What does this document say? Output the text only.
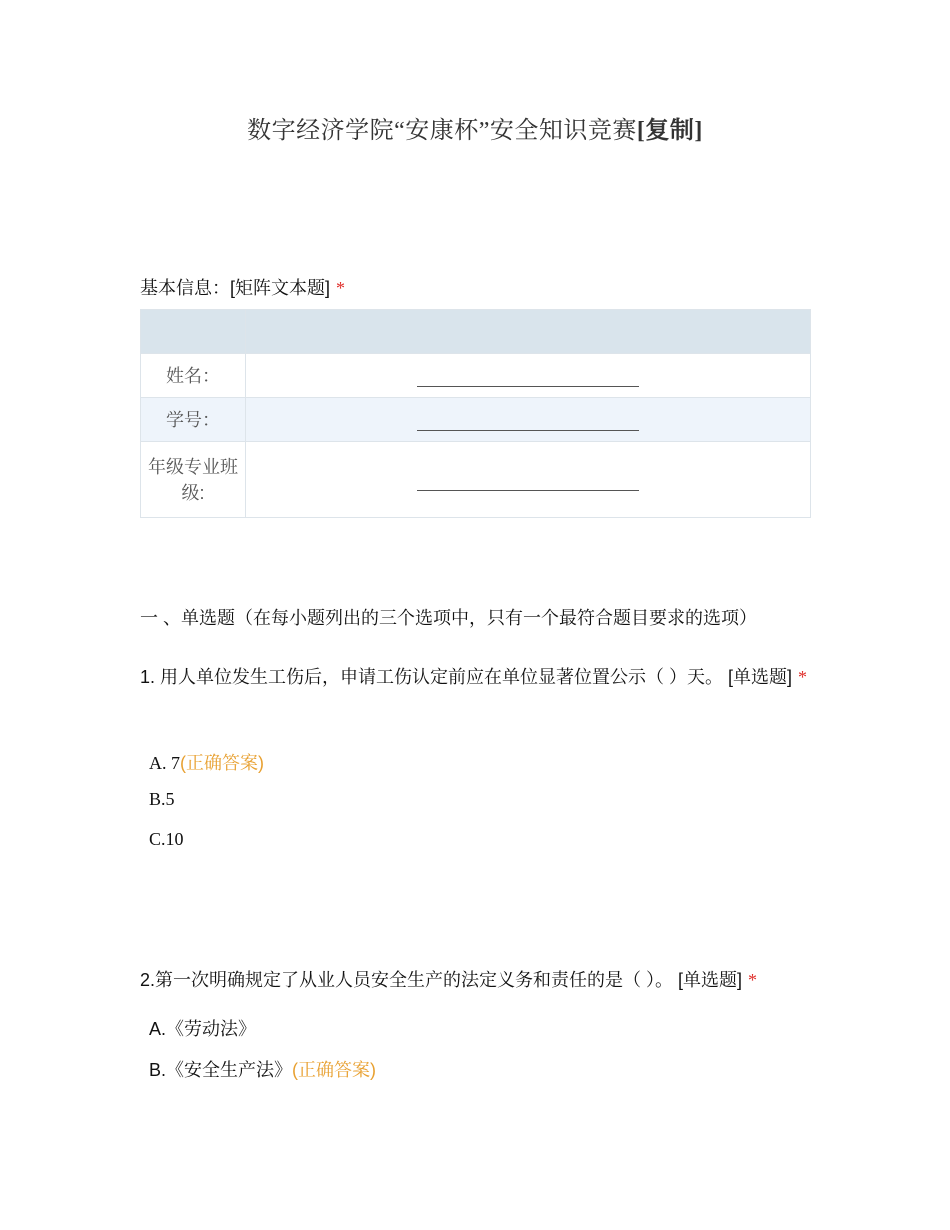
数字经济学院“安康杯”安全知识竞赛[复制]
基本信息：[矩阵文本题] *

姓名：	

学号：	

年级专业班级:	
一 、单选题（在每小题列出的三个选项中，只有一个最符合题目要求的选项）
1. 用人单位发生工伤后，申请工伤认定前应在单位显著位置公示（ ）天。 [单选题] *
A. 7(正确答案)
B.5
C.10
2.第一次明确规定了从业人员安全生产的法定义务和责任的是（ ）。 [单选题] *
A.《劳动法》
B.《安全生产法》(正确答案)
